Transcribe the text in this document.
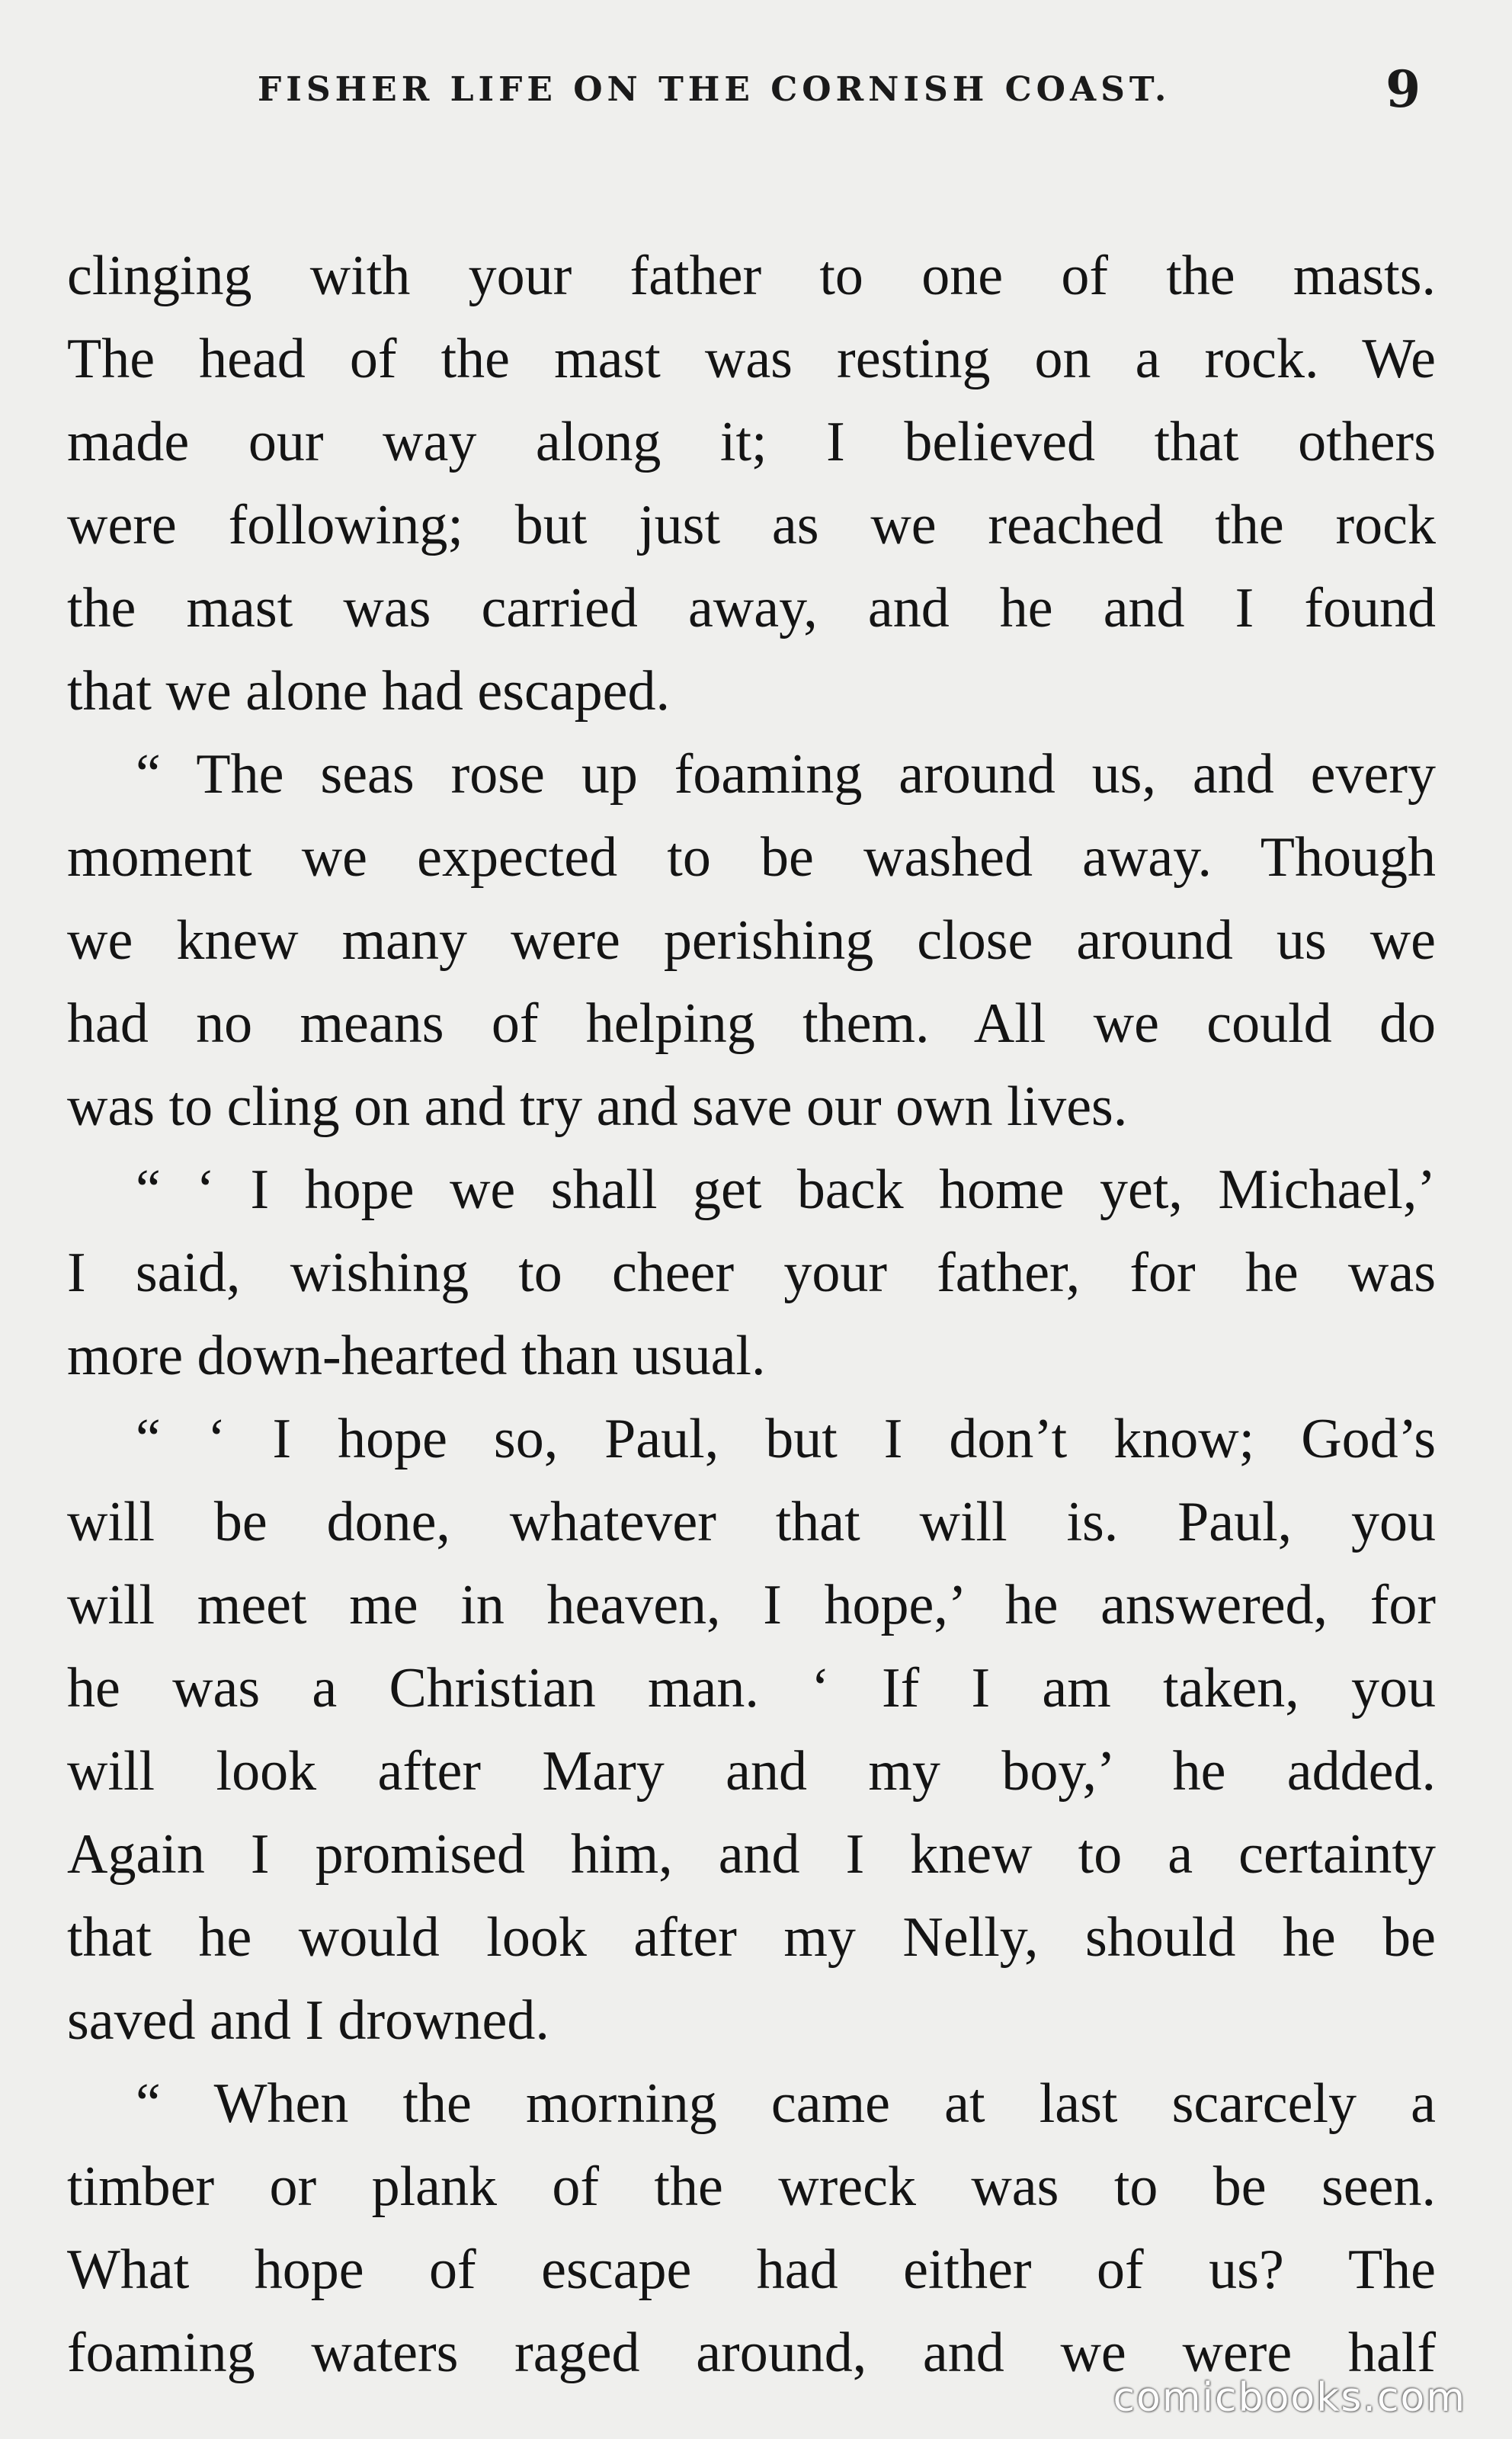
FISHER LIFE ON THE CORNISH COAST.	9
clinging with your father to one of the masts.
The head of the mast was resting on a rock. We
made our way along it; I believed that others
were following; but just as we reached the rock
the mast was carried away, and he and I found
that we alone had escaped.
“ The seas rose up foaming around us, and every
moment we expected to be washed away. Though
we knew many were perishing close around us we
had no means of helping them. All we could do
was to cling on and try and save our own lives.
“ ‘ I hope we shall get back home yet, Michael,’
I said, wishing to cheer your father, for he was
more down-hearted than usual.
“ ‘ I hope so, Paul, but I don’t know; God’s
will be done, whatever that will is. Paul, you
will meet me in heaven, I hope,’ he answered, for
he was a Christian man. ‘ If I am taken, you
will look after Mary and my boy,’ he added.
Again I promised him, and I knew to a certainty
that he would look after my Nelly, should he be
saved and I drowned.
“ When the morning came at last scarcely a
timber or plank of the wreck was to be seen.
What hope of escape had either of us? The
foaming waters raged around, and we were half
comicbooks.com
